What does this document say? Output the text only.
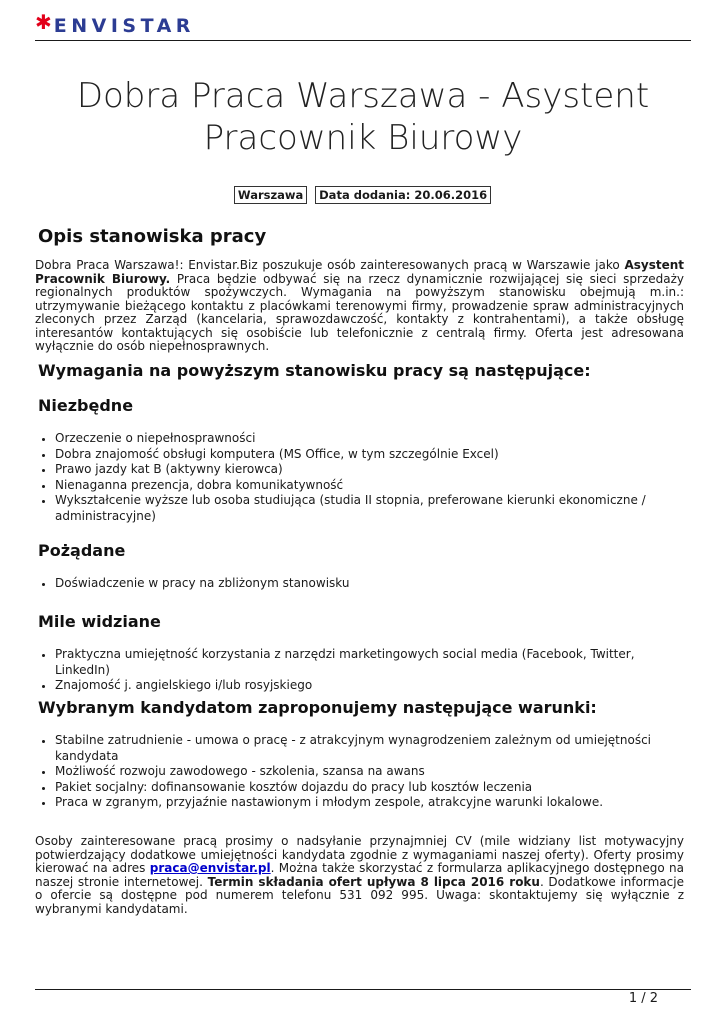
✱ ENVISTAR
Dobra Praca Warszawa - Asystent
Pracownik Biurowy
Warszawa Data dodania: 20.06.2016
Opis stanowiska pracy

Dobra Praca Warszawa!: Envistar.Biz poszukuje osób zainteresowanych pracą w Warszawie jako Asystent Pracownik Biurowy. Praca będzie odbywać się na rzecz dynamicznie rozwijającej się sieci sprzedaży regionalnych produktów spożywczych. Wymagania na powyższym stanowisku obejmują m.in.: utrzymywanie bieżącego kontaktu z placówkami terenowymi firmy, prowadzenie spraw administracyjnych zleconych przez Zarząd (kancelaria, sprawozdawczość, kontakty z kontrahentami), a także obsługę interesantów kontaktujących się osobiście lub telefonicznie z centralą firmy. Oferta jest adresowana wyłącznie do osób niepełnosprawnych.

Wymagania na powyższym stanowisku pracy są następujące:
Niezbędne
• Orzeczenie o niepełnosprawności
• Dobra znajomość obsługi komputera (MS Office, w tym szczególnie Excel)
• Prawo jazdy kat B (aktywny kierowca)
• Nienaganna prezencja, dobra komunikatywność
• Wykształcenie wyższe lub osoba studiująca (studia II stopnia, preferowane kierunki ekonomiczne / administracyjne)
Pożądane
• Doświadczenie w pracy na zbliżonym stanowisku
Mile widziane
• Praktyczna umiejętność korzystania z narzędzi marketingowych social media (Facebook, Twitter, LinkedIn)
• Znajomość j. angielskiego i/lub rosyjskiego
Wybranym kandydatom zaproponujemy następujące warunki:
• Stabilne zatrudnienie - umowa o pracę - z atrakcyjnym wynagrodzeniem zależnym od umiejętności kandydata
• Możliwość rozwoju zawodowego - szkolenia, szansa na awans
• Pakiet socjalny: dofinansowanie kosztów dojazdu do pracy lub kosztów leczenia
• Praca w zgranym, przyjaźnie nastawionym i młodym zespole, atrakcyjne warunki lokalowe.

Osoby zainteresowane pracą prosimy o nadsyłanie przynajmniej CV (mile widziany list motywacyjny potwierdzający dodatkowe umiejętności kandydata zgodnie z wymaganiami naszej oferty). Oferty prosimy kierować na adres praca@envistar.pl. Można także skorzystać z formularza aplikacyjnego dostępnego na naszej stronie internetowej. Termin składania ofert upływa 8 lipca 2016 roku. Dodatkowe informacje o ofercie są dostępne pod numerem telefonu 531 092 995. Uwaga: skontaktujemy się wyłącznie z wybranymi kandydatami.

1 / 2
